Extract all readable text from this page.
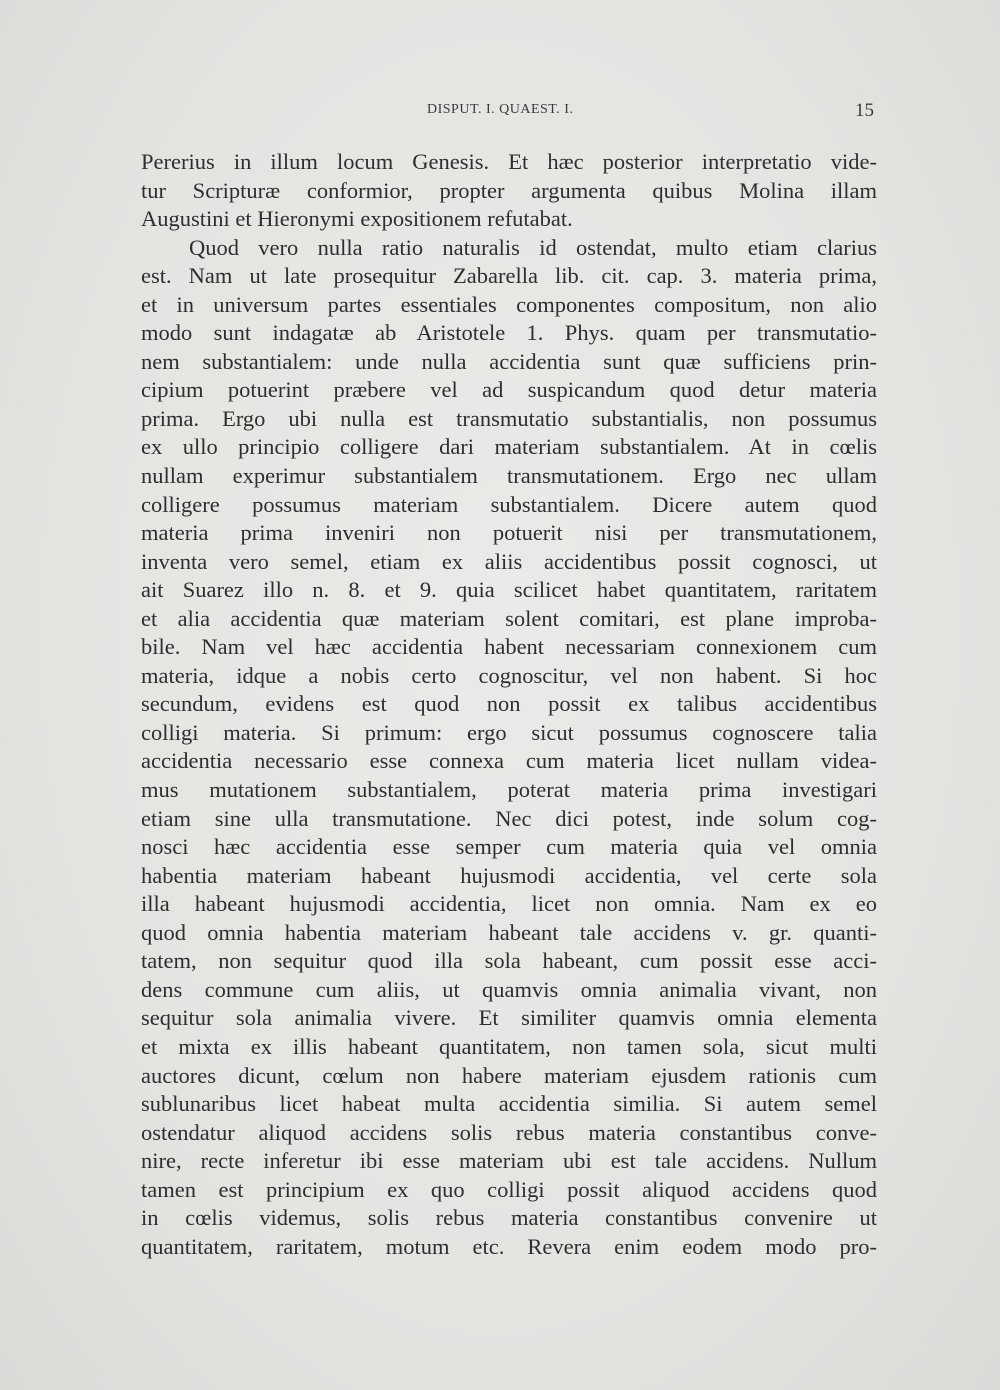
DISPUT. I. QUAEST. I.	15
Pererius in illum locum Genesis. Et hæc posterior interpretatio vide-
tur Scripturæ conformior, propter argumenta quibus Molina illam
Augustini et Hieronymi expositionem refutabat.
Quod vero nulla ratio naturalis id ostendat, multo etiam clarius
est. Nam ut late prosequitur Zabarella lib. cit. cap. 3. materia prima,
et in universum partes essentiales componentes compositum, non alio
modo sunt indagatæ ab Aristotele 1. Phys. quam per transmutatio-
nem substantialem: unde nulla accidentia sunt quæ sufficiens prin-
cipium potuerint præbere vel ad suspicandum quod detur materia
prima. Ergo ubi nulla est transmutatio substantialis, non possumus
ex ullo principio colligere dari materiam substantialem. At in cœlis
nullam experimur substantialem transmutationem. Ergo nec ullam
colligere possumus materiam substantialem. Dicere autem quod
materia prima inveniri non potuerit nisi per transmutationem,
inventa vero semel, etiam ex aliis accidentibus possit cognosci, ut
ait Suarez illo n. 8. et 9. quia scilicet habet quantitatem, raritatem
et alia accidentia quæ materiam solent comitari, est plane improba-
bile. Nam vel hæc accidentia habent necessariam connexionem cum
materia, idque a nobis certo cognoscitur, vel non habent. Si hoc
secundum, evidens est quod non possit ex talibus accidentibus
colligi materia. Si primum: ergo sicut possumus cognoscere talia
accidentia necessario esse connexa cum materia licet nullam videa-
mus mutationem substantialem, poterat materia prima investigari
etiam sine ulla transmutatione. Nec dici potest, inde solum cog-
nosci hæc accidentia esse semper cum materia quia vel omnia
habentia materiam habeant hujusmodi accidentia, vel certe sola
illa habeant hujusmodi accidentia, licet non omnia. Nam ex eo
quod omnia habentia materiam habeant tale accidens v. gr. quanti-
tatem, non sequitur quod illa sola habeant, cum possit esse acci-
dens commune cum aliis, ut quamvis omnia animalia vivant, non
sequitur sola animalia vivere. Et similiter quamvis omnia elementa
et mixta ex illis habeant quantitatem, non tamen sola, sicut multi
auctores dicunt, cœlum non habere materiam ejusdem rationis cum
sublunaribus licet habeat multa accidentia similia. Si autem semel
ostendatur aliquod accidens solis rebus materia constantibus conve-
nire, recte inferetur ibi esse materiam ubi est tale accidens. Nullum
tamen est principium ex quo colligi possit aliquod accidens quod
in cœlis videmus, solis rebus materia constantibus convenire ut
quantitatem, raritatem, motum etc. Revera enim eodem modo pro-
